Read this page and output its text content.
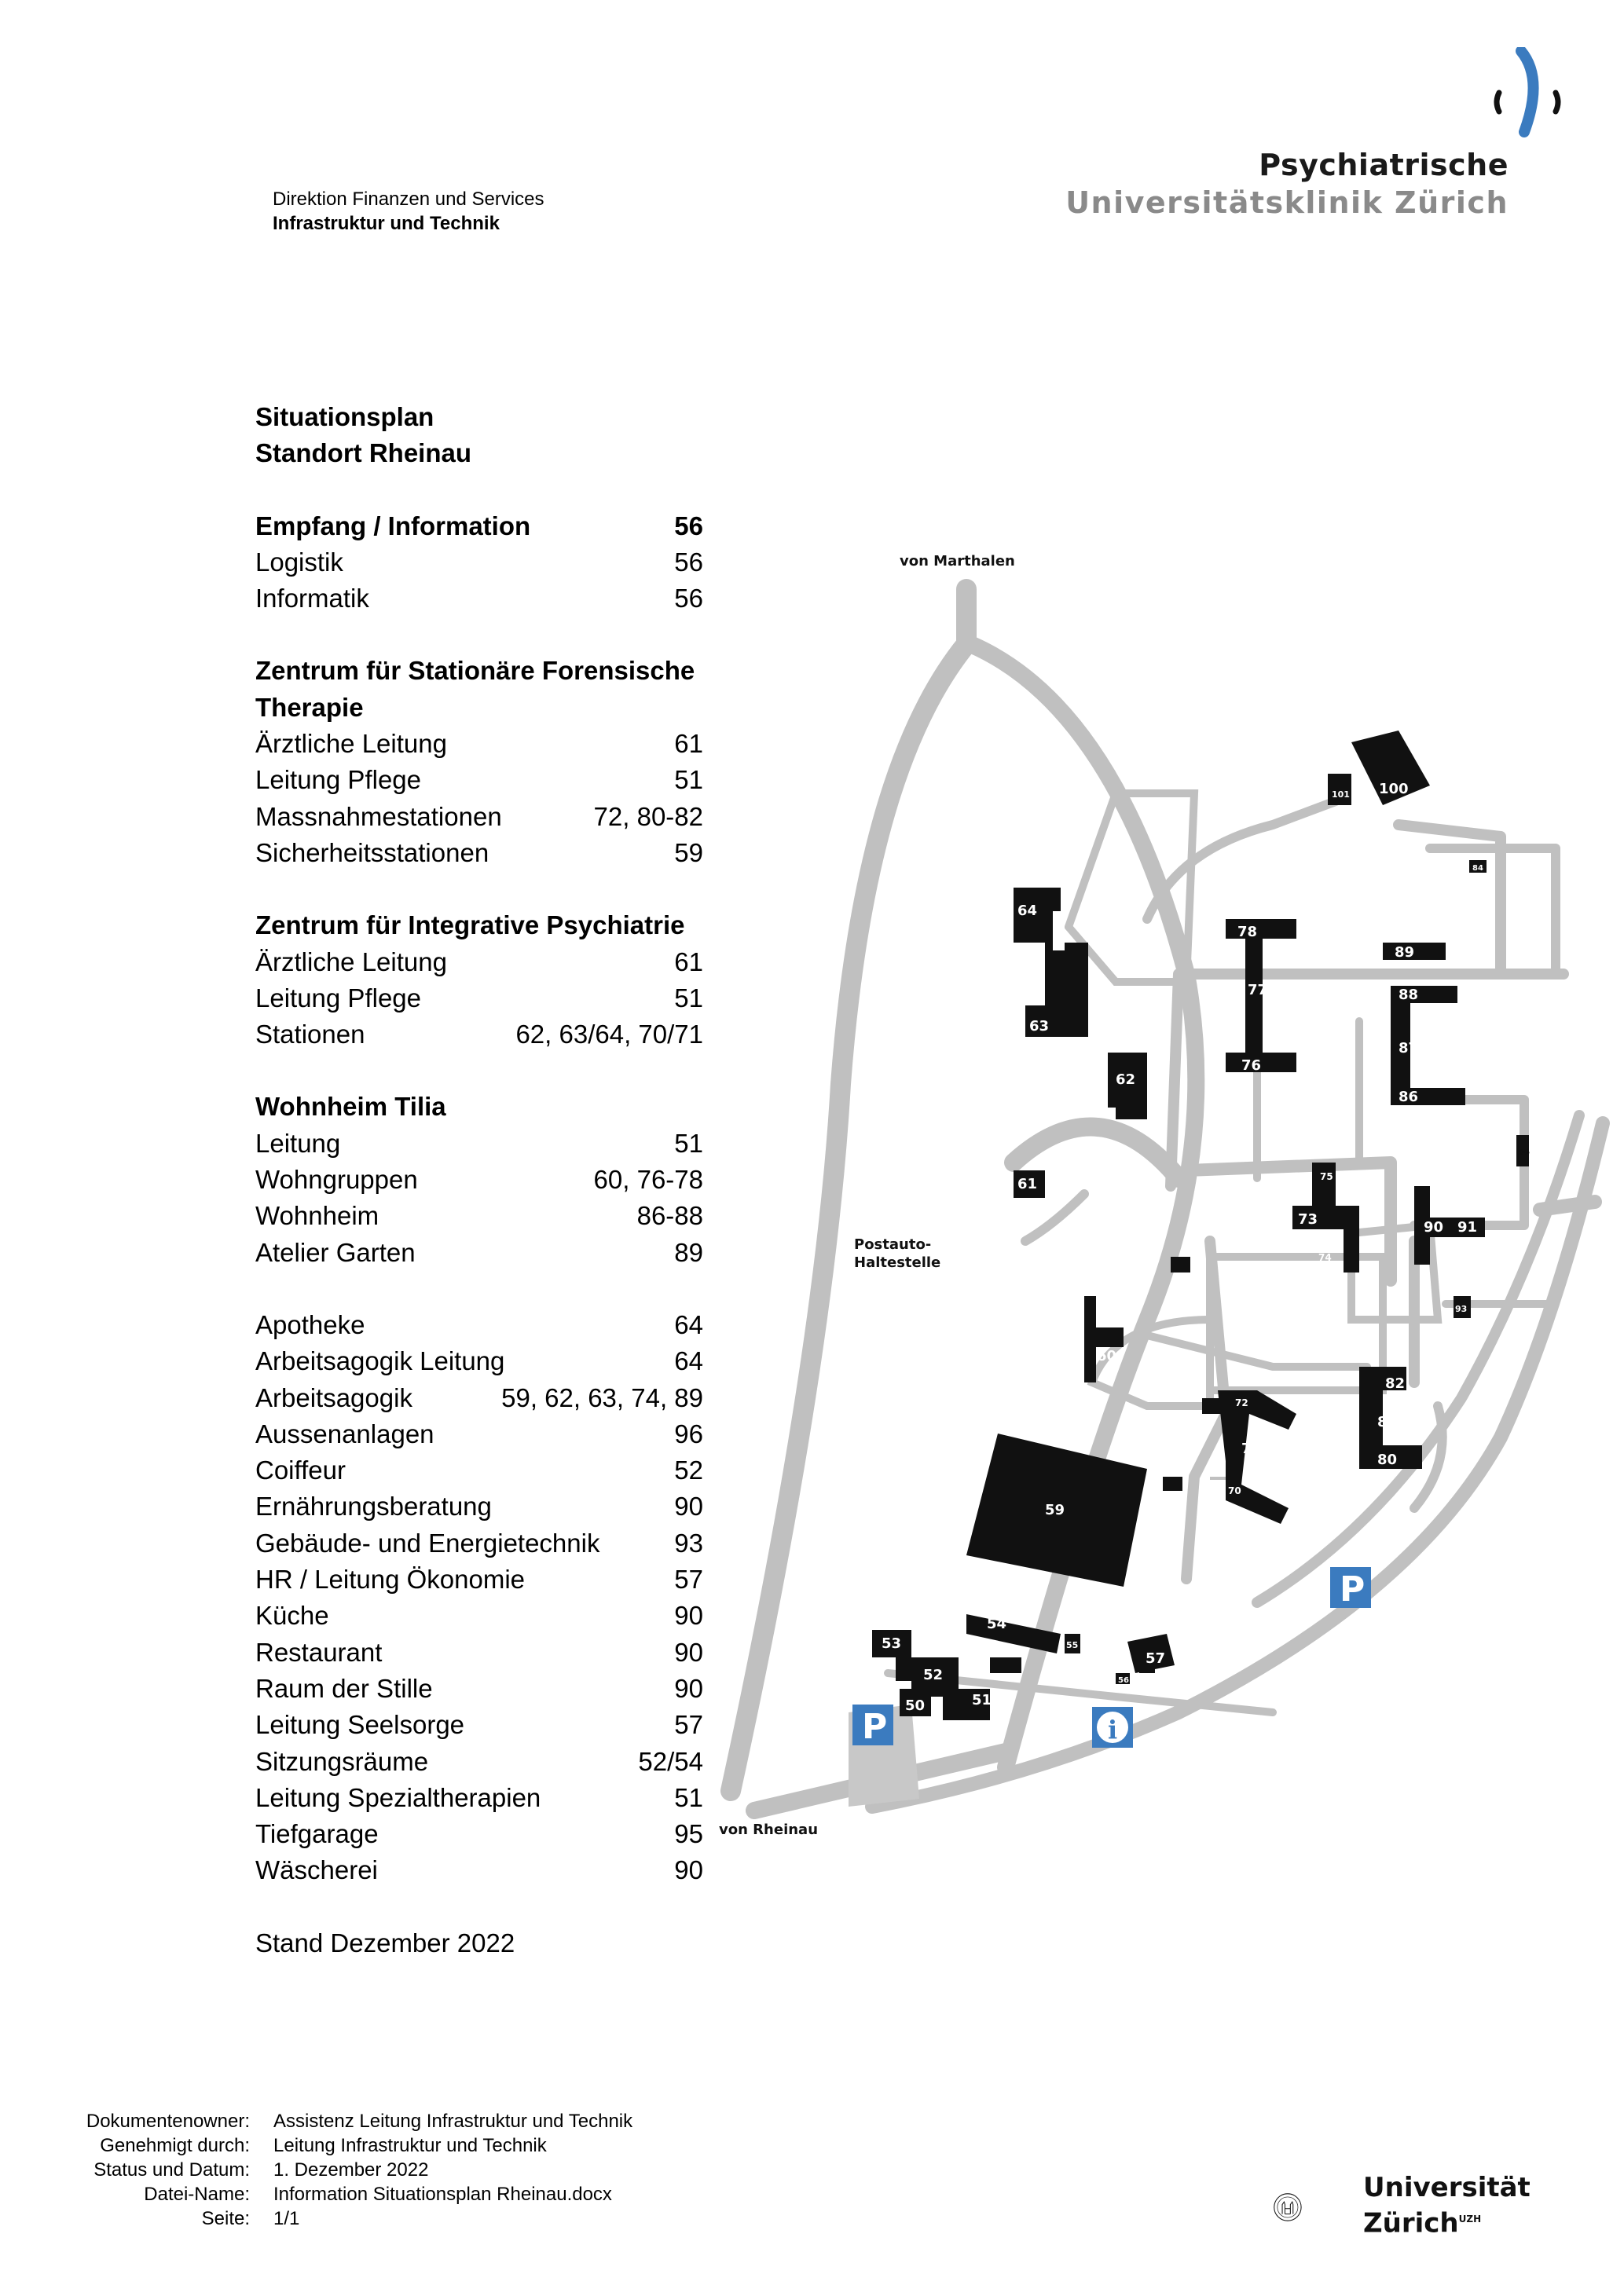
Direktion Finanzen und Services
Infrastruktur und Technik
Psychiatrische
Universitätsklinik Zürich
Situationsplan
Standort Rheinau
Empfang / Information	56
Logistik	56
Informatik	56
Zentrum für Stationäre Forensische
Therapie
Ärztliche Leitung	61
Leitung Pflege	51
Massnahmestationen	72, 80-82
Sicherheitsstationen	59
Zentrum für Integrative Psychiatrie
Ärztliche Leitung	61
Leitung Pflege	51
Stationen	62, 63/64, 70/71
Wohnheim Tilia
Leitung	51
Wohngruppen	60, 76-78
Wohnheim	86-88
Atelier Garten	89
Apotheke	64
Arbeitsagogik Leitung	64
Arbeitsagogik	59, 62, 63, 74, 89
Aussenanlagen	96
Coiffeur	52
Ernährungsberatung	90
Gebäude- und Energietechnik	93
HR / Leitung Ökonomie	57
Küche	90
Restaurant	90
Raum der Stille	90
Leitung Seelsorge	57
Sitzungsräume	52/54
Leitung Spezialtherapien	51
Tiefgarage	95
Wäscherei	90
Stand Dezember 2022
100
101
64
63
78
89
77	88
87
76
86
62
61	75
73
74
90 91
60
82
81
80
72
71
70
59
54
53
52
50	51
55
57
56
96
93
84
von Marthalen
von Rheinau
Postauto-
Haltestelle
P
P	i
Dokumentenowner: Assistenz Leitung Infrastruktur und Technik
Genehmigt durch: Leitung Infrastruktur und Technik
Status und Datum: 1. Dezember 2022
Datei-Name: Information Situationsplan Rheinau.docx
Seite: 1/1
Universität
Zürich$^{UZH}$
